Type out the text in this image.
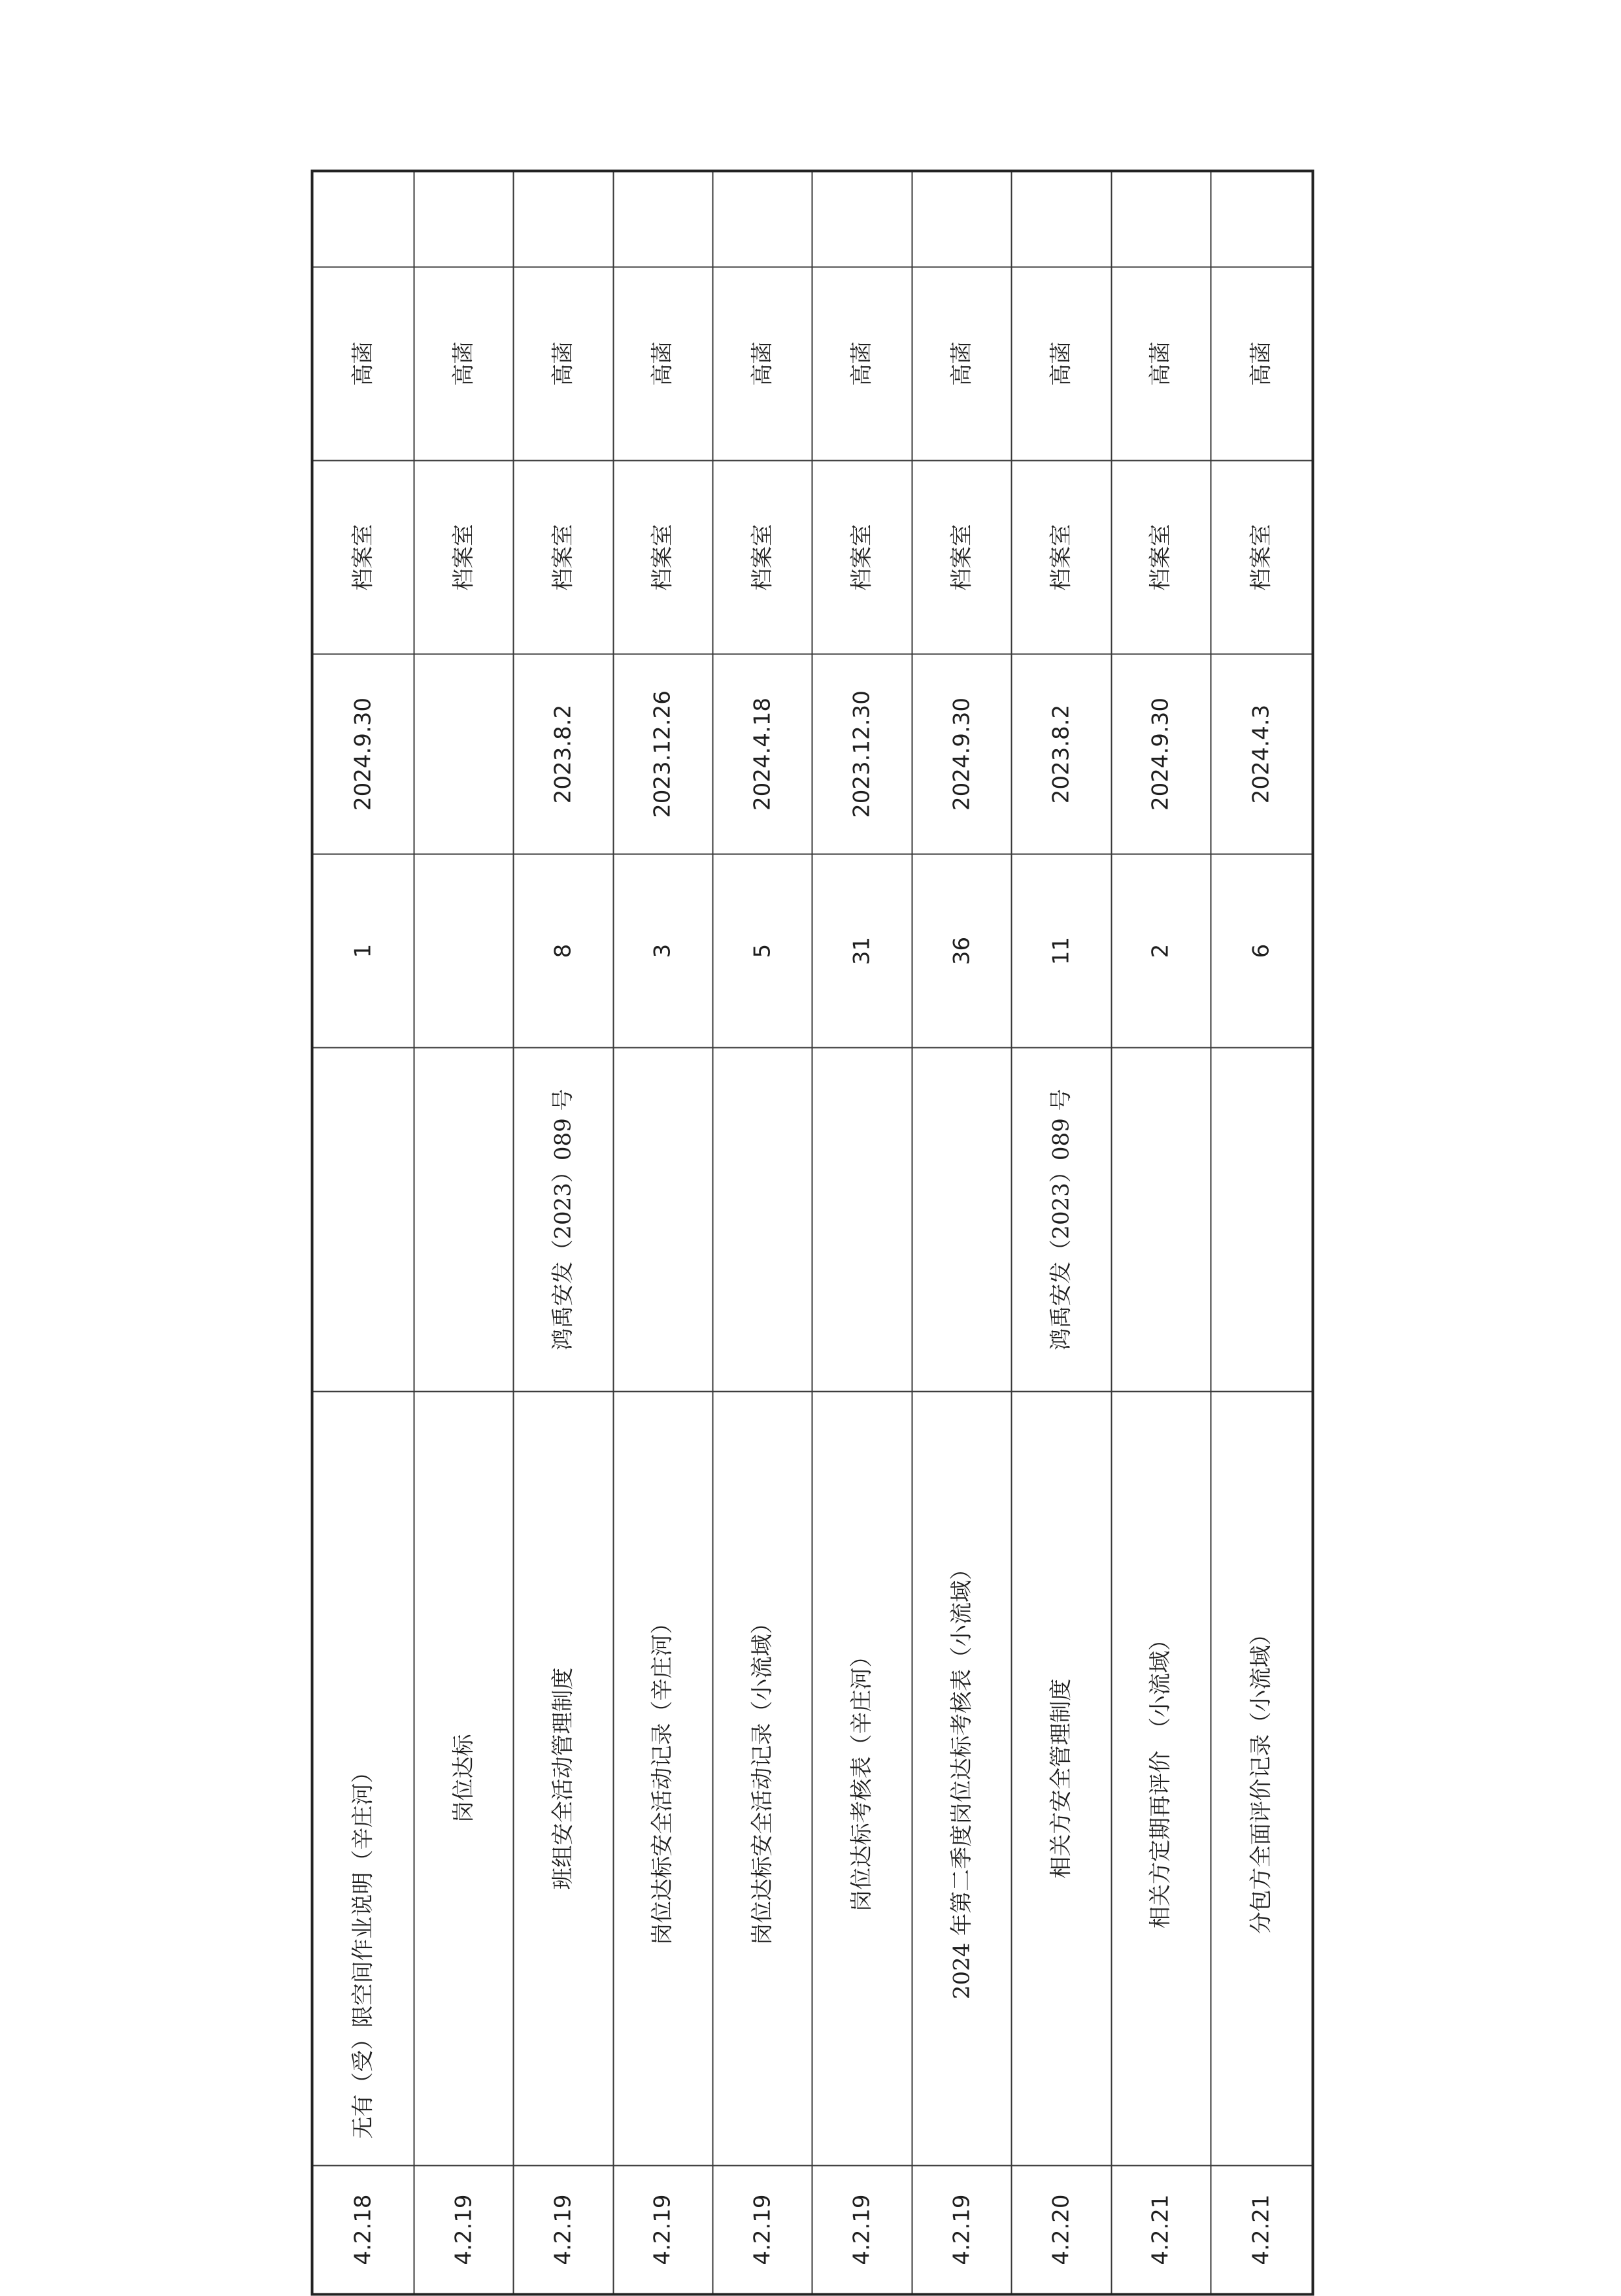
4.2.18	无有（受）限空间作业说明（辛庄河）		1	2024.9.30	档案室	高菡	
4.2.19	岗位达标				档案室	高菡	
4.2.19	班组安全活动管理制度	鸿禹安发（2023）089 号	8	2023.8.2	档案室	高菡	
4.2.19	岗位达标安全活动记录（辛庄河）		3	2023.12.26	档案室	高菡	
4.2.19	岗位达标安全活动记录（小流域）		5	2024.4.18	档案室	高菡	
4.2.19	岗位达标考核表（辛庄河）		31	2023.12.30	档案室	高菡	
4.2.19	2024 年第二季度岗位达标考核表（小流域）		36	2024.9.30	档案室	高菡	
4.2.20	相关方安全管理制度	鸿禹安发（2023）089 号	11	2023.8.2	档案室	高菡	
4.2.21	相关方定期再评价　（小流域）		2	2024.9.30	档案室	高菡	
4.2.21	分包方全面评价记录（小流域）		6	2024.4.3	档案室	高菡	
